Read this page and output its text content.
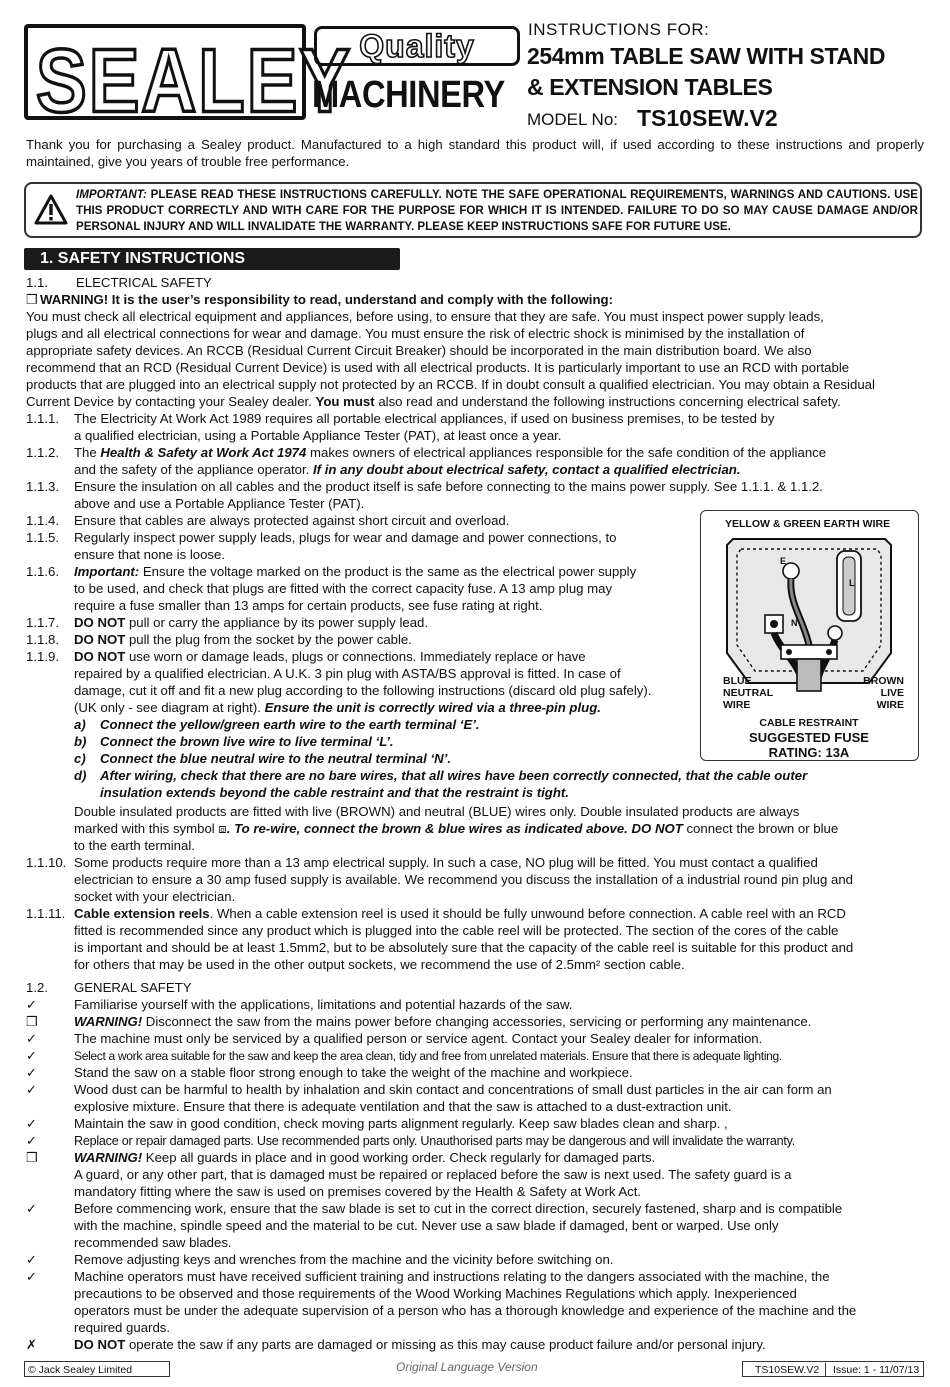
SEALEY Quality
MACHINERY
INSTRUCTIONS FOR:
254mm TABLE SAW WITH STAND
& EXTENSION TABLES
MODEL No: TS10SEW.V2
Thank you for purchasing a Sealey product. Manufactured to a high standard this product will, if used according to these instructions and properly maintained, give you years of trouble free performance.
IMPORTANT: PLEASE READ THESE INSTRUCTIONS CAREFULLY. NOTE THE SAFE OPERATIONAL REQUIREMENTS, WARNINGS AND CAUTIONS. USE THIS PRODUCT CORRECTLY AND WITH CARE FOR THE PURPOSE FOR WHICH IT IS INTENDED. FAILURE TO DO SO MAY CAUSE DAMAGE AND/OR PERSONAL INJURY AND WILL INVALIDATE THE WARRANTY. PLEASE KEEP INSTRUCTIONS SAFE FOR FUTURE USE.
1. SAFETY INSTRUCTIONS
1.1. ELECTRICAL SAFETY
❒ WARNING! It is the user’s responsibility to read, understand and comply with the following:
You must check all electrical equipment and appliances, before using, to ensure that they are safe. You must inspect power supply leads,
plugs and all electrical connections for wear and damage. You must ensure the risk of electric shock is minimised by the installation of
appropriate safety devices. An RCCB (Residual Current Circuit Breaker) should be incorporated in the main distribution board. We also
recommend that an RCD (Residual Current Device) is used with all electrical products. It is particularly important to use an RCD with portable
products that are plugged into an electrical supply not protected by an RCCB. If in doubt consult a qualified electrician. You may obtain a Residual
Current Device by contacting your Sealey dealer. You must also read and understand the following instructions concerning electrical safety.
1.1.1. The Electricity At Work Act 1989 requires all portable electrical appliances, if used on business premises, to be tested by
a qualified electrician, using a Portable Appliance Tester (PAT), at least once a year.
1.1.2. The Health & Safety at Work Act 1974 makes owners of electrical appliances responsible for the safe condition of the appliance
and the safety of the appliance operator. If in any doubt about electrical safety, contact a qualified electrician.
1.1.3. Ensure the insulation on all cables and the product itself is safe before connecting to the mains power supply. See 1.1.1. & 1.1.2.
above and use a Portable Appliance Tester (PAT).
1.1.4. Ensure that cables are always protected against short circuit and overload.
1.1.5. Regularly inspect power supply leads, plugs for wear and damage and power connections, to
ensure that none is loose.
1.1.6. Important: Ensure the voltage marked on the product is the same as the electrical power supply
to be used, and check that plugs are fitted with the correct capacity fuse. A 13 amp plug may
require a fuse smaller than 13 amps for certain products, see fuse rating at right.
1.1.7. DO NOT pull or carry the appliance by its power supply lead.
1.1.8. DO NOT pull the plug from the socket by the power cable.
1.1.9. DO NOT use worn or damage leads, plugs or connections. Immediately replace or have
repaired by a qualified electrician. A U.K. 3 pin plug with ASTA/BS approval is fitted. In case of
damage, cut it off and fit a new plug according to the following instructions (discard old plug safely).
(UK only - see diagram at right). Ensure the unit is correctly wired via a three-pin plug.
a) Connect the yellow/green earth wire to the earth terminal ‘E’.
b) Connect the brown live wire to live terminal ‘L’.
c) Connect the blue neutral wire to the neutral terminal ‘N’.
d) After wiring, check that there are no bare wires, that all wires have been correctly connected, that the cable outer
insulation extends beyond the cable restraint and that the restraint is tight.
Double insulated products are fitted with live (BROWN) and neutral (BLUE) wires only. Double insulated products are always
marked with this symbol ⧈. To re-wire, connect the brown & blue wires as indicated above. DO NOT connect the brown or blue
to the earth terminal.
1.1.10. Some products require more than a 13 amp electrical supply. In such a case, NO plug will be fitted. You must contact a qualified
electrician to ensure a 30 amp fused supply is available. We recommend you discuss the installation of a industrial round pin plug and
socket with your electrician.
1.1.11. Cable extension reels. When a cable extension reel is used it should be fully unwound before connection. A cable reel with an RCD
fitted is recommended since any product which is plugged into the cable reel will be protected. The section of the cores of the cable
is important and should be at least 1.5mm2, but to be absolutely sure that the capacity of the cable reel is suitable for this product and
for others that may be used in the other output sockets, we recommend the use of 2.5mm² section cable.
1.2. GENERAL SAFETY
✓	Familiarise yourself with the applications, limitations and potential hazards of the saw.
❒	WARNING! Disconnect the saw from the mains power before changing accessories, servicing or performing any maintenance.
✓	The machine must only be serviced by a qualified person or service agent. Contact your Sealey dealer for information.
✓	Select a work area suitable for the saw and keep the area clean, tidy and free from unrelated materials. Ensure that there is adequate lighting.
✓	Stand the saw on a stable floor strong enough to take the weight of the machine and workpiece.
✓	Wood dust can be harmful to health by inhalation and skin contact and concentrations of small dust particles in the air can form an
explosive mixture. Ensure that there is adequate ventilation and that the saw is attached to a dust-extraction unit.
✓	Maintain the saw in good condition, check moving parts alignment regularly. Keep saw blades clean and sharp. ,
✓	Replace or repair damaged parts. Use recommended parts only. Unauthorised parts may be dangerous and will invalidate the warranty.
❒	WARNING! Keep all guards in place and in good working order. Check regularly for damaged parts.
A guard, or any other part, that is damaged must be repaired or replaced before the saw is next used. The safety guard is a
mandatory fitting where the saw is used on premises covered by the Health & Safety at Work Act.
✓	Before commencing work, ensure that the saw blade is set to cut in the correct direction, securely fastened, sharp and is compatible
with the machine, spindle speed and the material to be cut. Never use a saw blade if damaged, bent or warped. Use only
recommended saw blades.
✓	Remove adjusting keys and wrenches from the machine and the vicinity before switching on.
✓	Machine operators must have received sufficient training and instructions relating to the dangers associated with the machine, the
precautions to be observed and those requirements of the Wood Working Machines Regulations which apply. Inexperienced
operators must be under the adequate supervision of a person who has a thorough knowledge and experience of the machine and the
required guards.
✗	DO NOT operate the saw if any parts are damaged or missing as this may cause product failure and/or personal injury.
YELLOW & GREEN EARTH WIRE
E
L
N
BLUE
NEUTRAL
WIRE
BROWN
LIVE
WIRE
CABLE RESTRAINT
SUGGESTED FUSE
RATING: 13A
© Jack Sealey Limited	Original Language Version	TS10SEW.V2 Issue: 1 - 11/07/13
